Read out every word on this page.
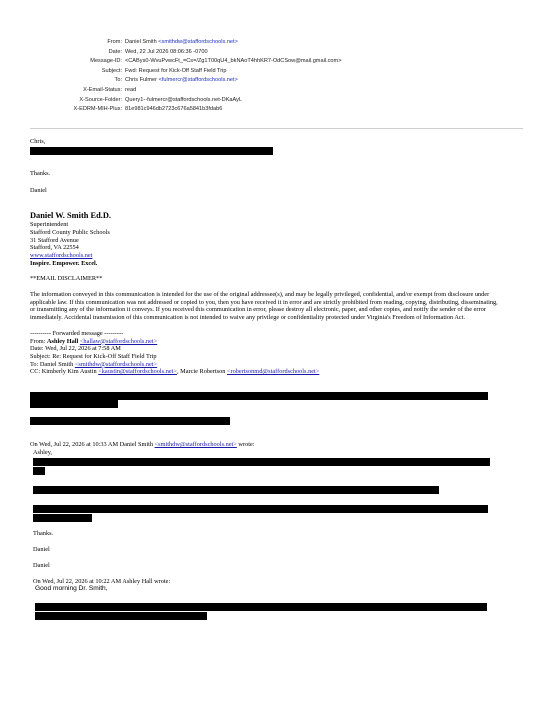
From: Daniel Smith <smithdw@staffordschools.net>
Date: Wed, 22 Jul 2026 08:06:36 -0700
Message-ID: <CABys0-WvuPvwcFt_=Cs=/Zg1T00qU4_bkNAoT4hhKR7-OdCSow@mail.gmail.com>
Subject: Fwd: Request for Kick-Off Staff Field Trip
To: Chris Fulmer <fulmercr@staffordschools.net>
X-Email-Status: read
X-Source-Folder: Query1--fulmercr@staffordschools.net-DKaAyL
X-EDRM-MIH-Plus: 81e981c946db2723c676a5841b3fdab6

Chris,

Thanks.

Daniel

Daniel W. Smith Ed.D.

Superintendent

Stafford County Public Schools

31 Stafford Avenue

Stafford, VA 22554

www.staffordschools.net

Inspire. Empower. Excel.

**EMAIL DISCLAIMER**

The information conveyed in this communication is intended for the use of the original addressee(s), and may be legally privileged, confidential, and/or exempt from disclosure under applicable law. If this communication was not addressed or copied to you, then you have received it in error and are strictly prohibited from reading, copying, distributing, disseminating, or transmitting any of the information it conveys. If you received this communication in error, please destroy all electronic, paper, and other copies, and notify the sender of the error immediately. Accidental transmission of this communication is not intended to waive any privilege or confidentiality protected under Virginia's Freedom of Information Act.

---------- Forwarded message ---------

From: Ashley Hall <hallaw@staffordschools.net>

Date: Wed, Jul 22, 2026 at 7:58 AM

Subject: Re: Request for Kick-Off Staff Field Trip

To: Daniel Smith <smithdw@staffordschools.net>

CC: Kimberly Kim Austin <kaustin@staffordschools.net>, Marcie Robertson <robertsonmd@staffordschools.net>

On Wed, Jul 22, 2026 at 10:33 AM Daniel Smith <smithdw@staffordschools.net> wrote:

Ashley,

Thanks.

Daniel

Daniel

On Wed, Jul 22, 2026 at 10:22 AM Ashley Hall wrote:

Good morning Dr. Smith,
